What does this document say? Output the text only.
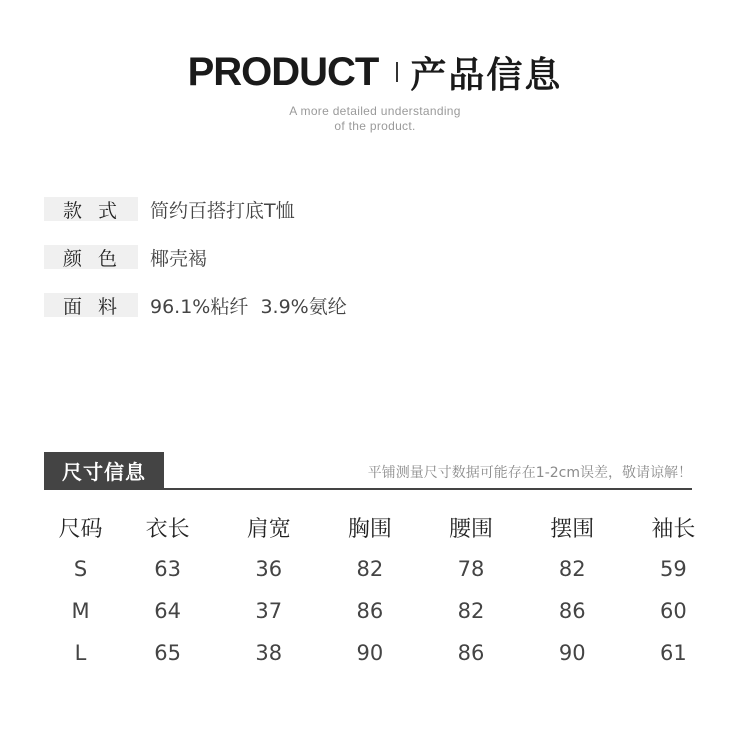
PRODUCT 产品信息
A more detailed understanding
of the product.
款式 简约百搭打底T恤
颜色 椰壳褐
面料 96.1%粘纤  3.9%氨纶
尺寸信息	平铺测量尺寸数据可能存在1-2cm误差，敬请谅解！
尺码	衣长	肩宽	胸围	腰围	摆围	袖长
S	63	36	82	78	82	59
M	64	37	86	82	86	60
L	65	38	90	86	90	61
